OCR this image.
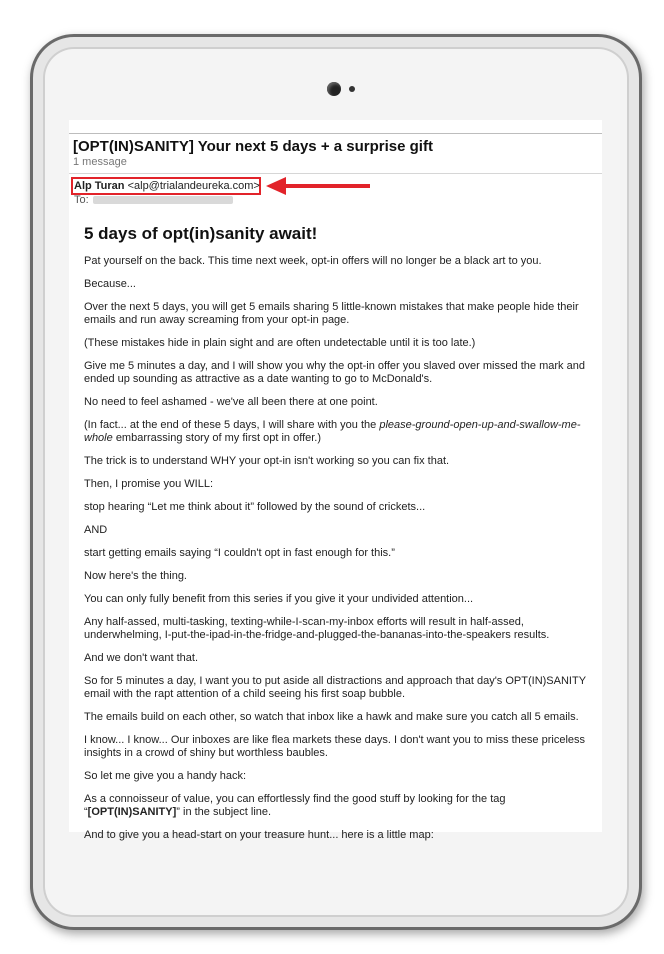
[OPT(IN)SANITY] Your next 5 days + a surprise gift
1 message
Alp Turan <alp@trialandeureka.com>
To:
5 days of opt(in)sanity await!

Pat yourself on the back. This time next week, opt-in offers will no longer be a black art to you.

Because...

Over the next 5 days, you will get 5 emails sharing 5 little-known mistakes that make people hide their emails and run away screaming from your opt-in page.

(These mistakes hide in plain sight and are often undetectable until it is too late.)

Give me 5 minutes a day, and I will show you why the opt-in offer you slaved over missed the mark and ended up sounding as attractive as a date wanting to go to McDonald's.

No need to feel ashamed - we've all been there at one point.

(In fact... at the end of these 5 days, I will share with you the please-ground-open-up-and-swallow-me-whole embarrassing story of my first opt in offer.)

The trick is to understand WHY your opt-in isn't working so you can fix that.

Then, I promise you WILL:

stop hearing “Let me think about it” followed by the sound of crickets...

AND

start getting emails saying “I couldn't opt in fast enough for this.”

Now here's the thing.

You can only fully benefit from this series if you give it your undivided attention...

Any half-assed, multi-tasking, texting-while-I-scan-my-inbox efforts will result in half-assed, underwhelming, I-put-the-ipad-in-the-fridge-and-plugged-the-bananas-into-the-speakers results.

And we don't want that.

So for 5 minutes a day, I want you to put aside all distractions and approach that day's OPT(IN)SANITY email with the rapt attention of a child seeing his first soap bubble.

The emails build on each other, so watch that inbox like a hawk and make sure you catch all 5 emails.

I know... I know... Our inboxes are like flea markets these days. I don't want you to miss these priceless insights in a crowd of shiny but worthless baubles.

So let me give you a handy hack:

As a connoisseur of value, you can effortlessly find the good stuff by looking for the tag “[OPT(IN)SANITY]” in the subject line.

And to give you a head-start on your treasure hunt... here is a little map:
